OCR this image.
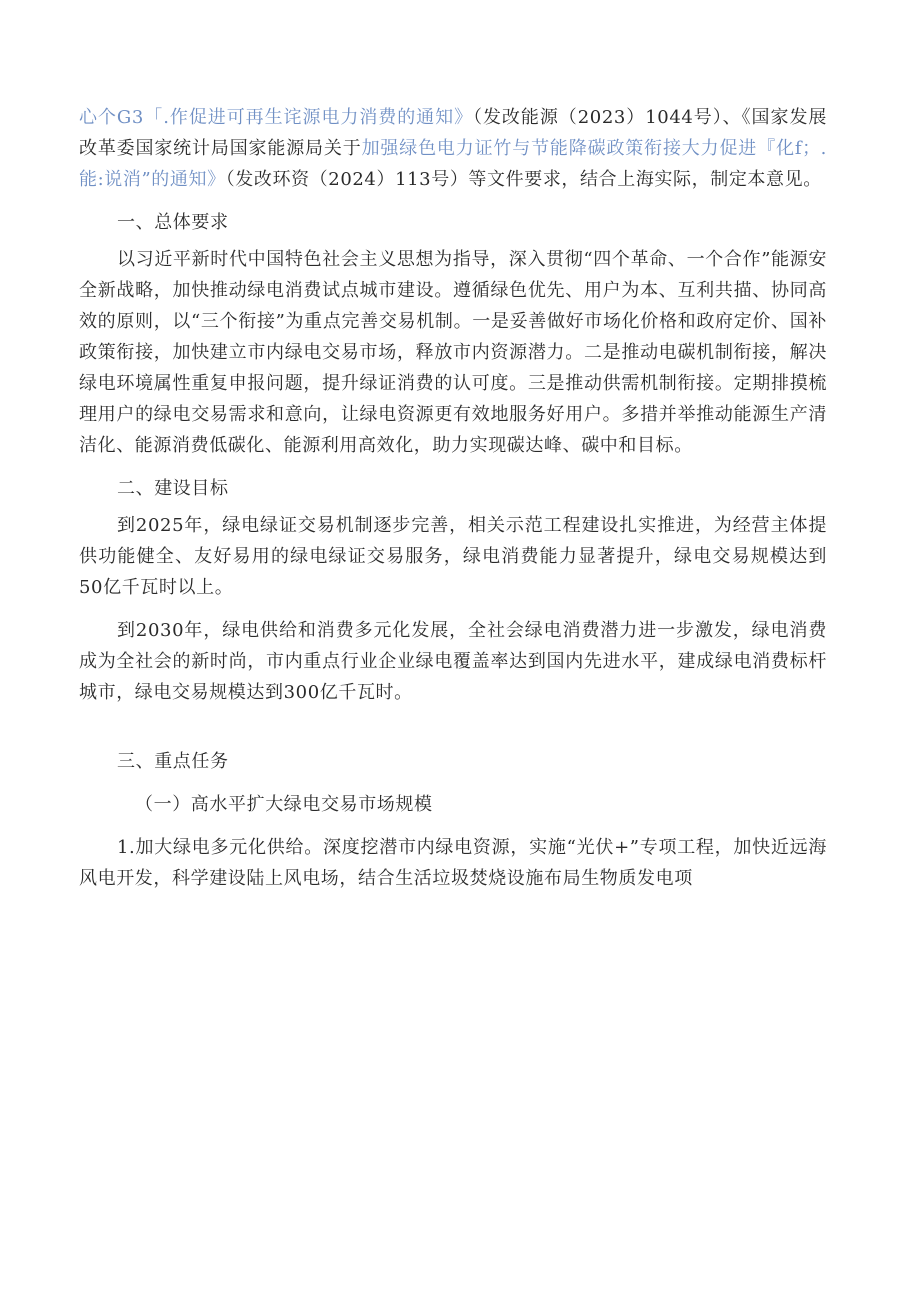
心个G3「.作促进可再生诧源电力消费的通知》（发改能源（2023）1044号）、《国家发展改革委国家统计局国家能源局关于加强绿色电力证竹与节能降碳政策衔接大力促进『化f；.能:说消”的通知》（发改环资（2024）113号）等文件要求，结合上海实际，制定本意见。

一、总体要求

以习近平新时代中国特色社会主义思想为指导，深入贯彻“四个革命、一个合作”能源安全新战略，加快推动绿电消费试点城市建设。遵循绿色优先、用户为本、互利共描、协同高效的原则，以“三个衔接”为重点完善交易机制。一是妥善做好市场化价格和政府定价、国补政策衔接，加快建立市内绿电交易市场，释放市内资源潜力。二是推动电碳机制衔接，解决绿电环境属性重复申报问题，提升绿证消费的认可度。三是推动供需机制衔接。定期排摸梳理用户的绿电交易需求和意向，让绿电资源更有效地服务好用户。多措并举推动能源生产清洁化、能源消费低碳化、能源利用高效化，助力实现碳达峰、碳中和目标。

二、建设目标

到2025年，绿电绿证交易机制逐步完善，相关示范工程建设扎实推进，为经营主体提供功能健全、友好易用的绿电绿证交易服务，绿电消费能力显著提升，绿电交易规模达到50亿千瓦时以上。

到2030年，绿电供给和消费多元化发展，全社会绿电消费潜力进一步激发，绿电消费成为全社会的新时尚，市内重点行业企业绿电覆盖率达到国内先进水平，建成绿电消费标杆城市，绿电交易规模达到300亿千瓦时。

三、重点任务

（一）高水平扩大绿电交易市场规模

1.加大绿电多元化供给。深度挖潜市内绿电资源，实施“光伏+”专项工程，加快近远海风电开发，科学建设陆上风电场，结合生活垃圾焚烧设施布局生物质发电项
